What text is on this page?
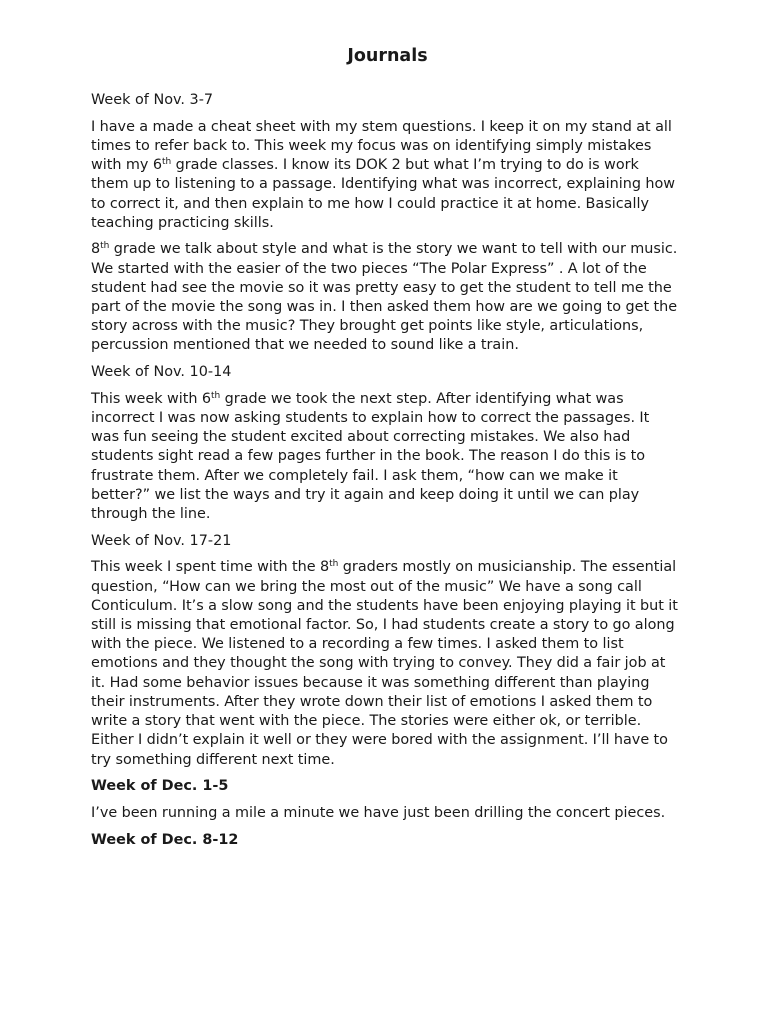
Journals
Week of Nov. 3-7

I have a made a cheat sheet with my stem questions. I keep it on my stand at all times to refer back to. This week my focus was on identifying simply mistakes with my 6th grade classes. I know its DOK 2 but what I’m trying to do is work them up to listening to a passage. Identifying what was incorrect, explaining how to correct it, and then explain to me how I could practice it at home. Basically teaching practicing skills.

8th grade we talk about style and what is the story we want to tell with our music. We started with the easier of the two pieces “The Polar Express” . A lot of the student had see the movie so it was pretty easy to get the student to tell me the part of the movie the song was in. I then asked them how are we going to get the story across with the music? They brought get points like style, articulations, percussion mentioned that we needed to sound like a train.

Week of Nov. 10-14

This week with 6th grade we took the next step. After identifying what was incorrect I was now asking students to explain how to correct the passages. It was fun seeing the student excited about correcting mistakes. We also had students sight read a few pages further in the book. The reason I do this is to frustrate them. After we completely fail. I ask them, “how can we make it better?” we list the ways and try it again and keep doing it until we can play through the line.

Week of Nov. 17-21

This week I spent time with the 8th graders mostly on musicianship. The essential question, “How can we bring the most out of the music” We have a song call Conticulum. It’s a slow song and the students have been enjoying playing it but it still is missing that emotional factor. So, I had students create a story to go along with the piece. We listened to a recording a few times. I asked them to list emotions and they thought the song with trying to convey. They did a fair job at it. Had some behavior issues because it was something different than playing their instruments. After they wrote down their list of emotions I asked them to write a story that went with the piece. The stories were either ok, or terrible. Either I didn’t explain it well or they were bored with the assignment. I’ll have to try something different next time.

Week of Dec. 1-5

I’ve been running a mile a minute we have just been drilling the concert pieces.

Week of Dec. 8-12
